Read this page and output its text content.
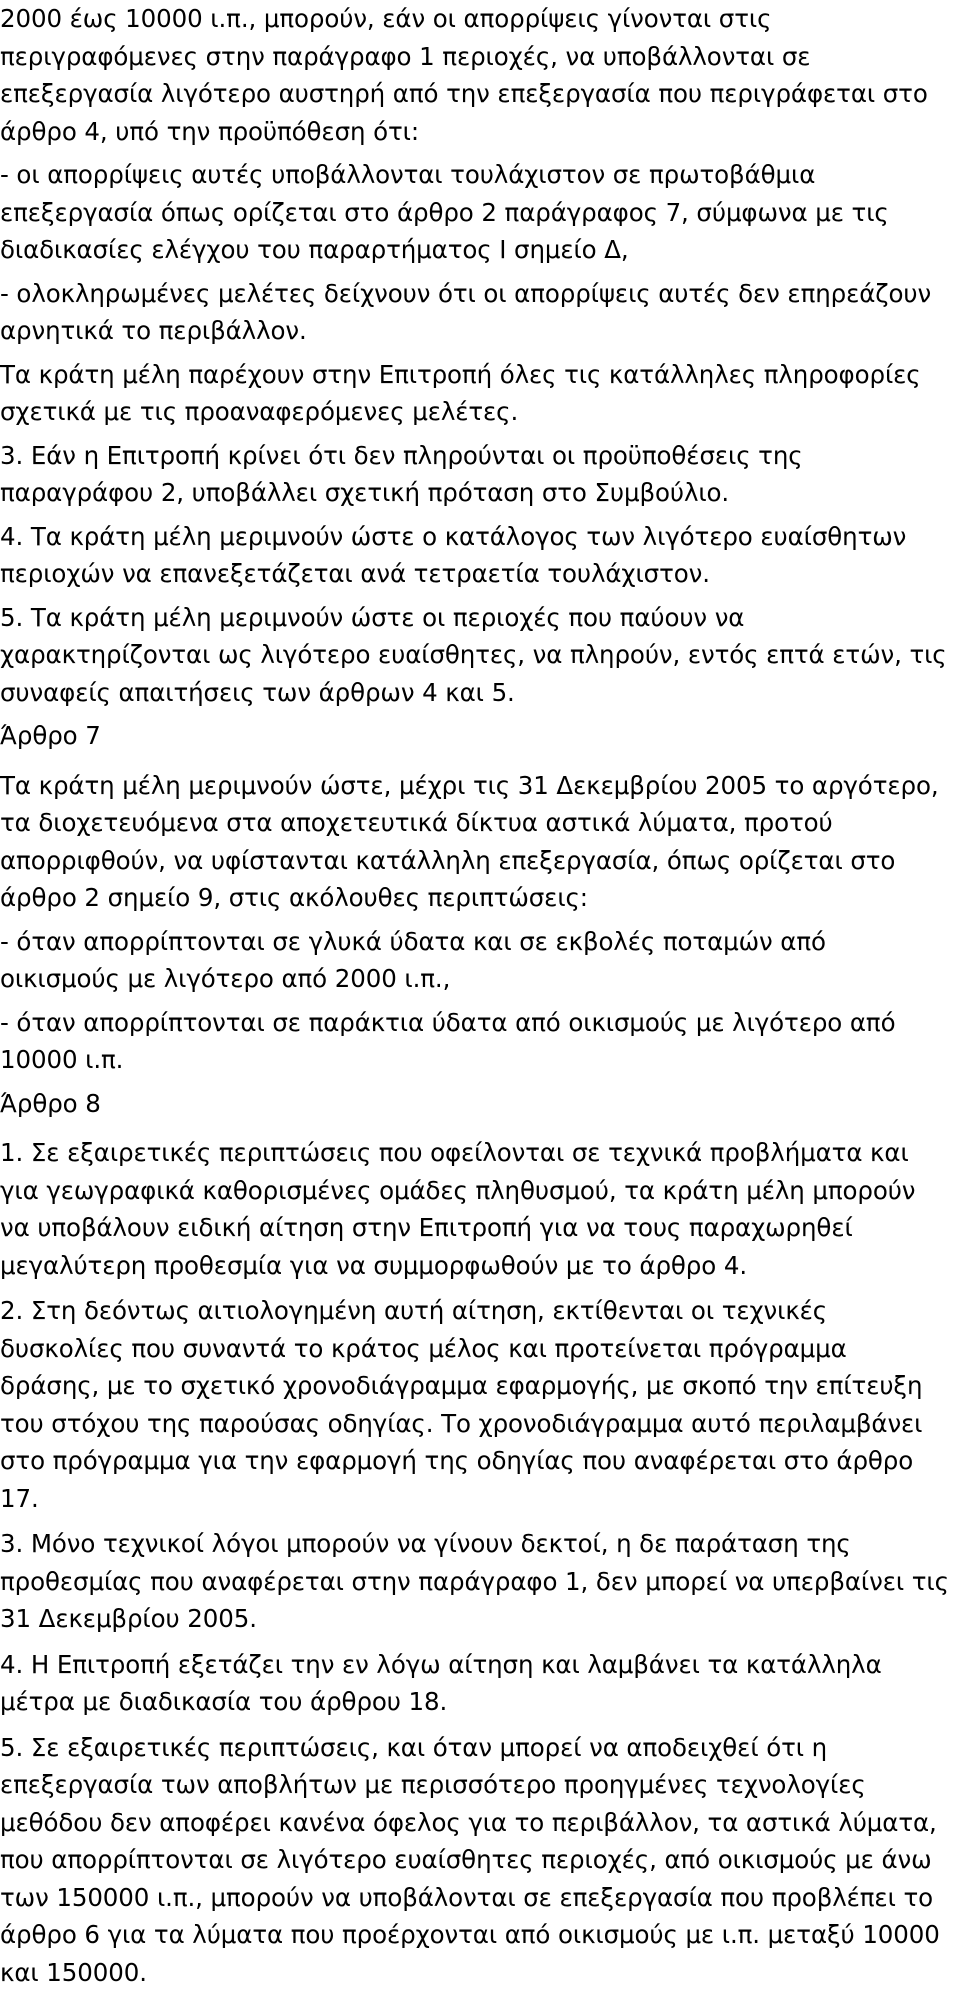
2000 έως 10000 ι.π., μπορούν, εάν οι απορρίψεις γίνονται στις περιγραφόμενες στην παράγραφο 1 περιοχές, να υποβάλλονται σε επεξεργασία λιγότερο αυστηρή από την επεξεργασία που περιγράφεται στο άρθρο 4, υπό την προϋπόθεση ότι:

- οι απορρίψεις αυτές υποβάλλονται τουλάχιστον σε πρωτοβάθμια επεξεργασία όπως ορίζεται στο άρθρο 2 παράγραφος 7, σύμφωνα με τις διαδικασίες ελέγχου του παραρτήματος Ι σημείο Δ,

- ολοκληρωμένες μελέτες δείχνουν ότι οι απορρίψεις αυτές δεν επηρεάζουν αρνητικά το περιβάλλον.

Τα κράτη μέλη παρέχουν στην Επιτροπή όλες τις κατάλληλες πληροφορίες σχετικά με τις προαναφερόμενες μελέτες.

3. Εάν η Επιτροπή κρίνει ότι δεν πληρούνται οι προϋποθέσεις της παραγράφου 2, υποβάλλει σχετική πρόταση στο Συμβούλιο.

4. Τα κράτη μέλη μεριμνούν ώστε ο κατάλογος των λιγότερο ευαίσθητων περιοχών να επανεξετάζεται ανά τετραετία τουλάχιστον.

5. Τα κράτη μέλη μεριμνούν ώστε οι περιοχές που παύουν να χαρακτηρίζονται ως λιγότερο ευαίσθητες, να πληρούν, εντός επτά ετών, τις συναφείς απαιτήσεις των άρθρων 4 και 5.

Άρθρο 7

Τα κράτη μέλη μεριμνούν ώστε, μέχρι τις 31 Δεκεμβρίου 2005 το αργότερο, τα διοχετευόμενα στα αποχετευτικά δίκτυα αστικά λύματα, προτού απορριφθούν, να υφίστανται κατάλληλη επεξεργασία, όπως ορίζεται στο άρθρο 2 σημείο 9, στις ακόλουθες περιπτώσεις:

- όταν απορρίπτονται σε γλυκά ύδατα και σε εκβολές ποταμών από οικισμούς με λιγότερο από 2000 ι.π.,

- όταν απορρίπτονται σε παράκτια ύδατα από οικισμούς με λιγότερο από 10000 ι.π.

Άρθρο 8

1. Σε εξαιρετικές περιπτώσεις που οφείλονται σε τεχνικά προβλήματα και για γεωγραφικά καθορισμένες ομάδες πληθυσμού, τα κράτη μέλη μπορούν να υποβάλουν ειδική αίτηση στην Επιτροπή για να τους παραχωρηθεί μεγαλύτερη προθεσμία για να συμμορφωθούν με το άρθρο 4.

2. Στη δεόντως αιτιολογημένη αυτή αίτηση, εκτίθενται οι τεχνικές δυσκολίες που συναντά το κράτος μέλος και προτείνεται πρόγραμμα δράσης, με το σχετικό χρονοδιάγραμμα εφαρμογής, με σκοπό την επίτευξη του στόχου της παρούσας οδηγίας. Το χρονοδιάγραμμα αυτό περιλαμβάνει στο πρόγραμμα για την εφαρμογή της οδηγίας που αναφέρεται στο άρθρο 17.

3. Μόνο τεχνικοί λόγοι μπορούν να γίνουν δεκτοί, η δε παράταση της προθεσμίας που αναφέρεται στην παράγραφο 1, δεν μπορεί να υπερβαίνει τις 31 Δεκεμβρίου 2005.

4. Η Επιτροπή εξετάζει την εν λόγω αίτηση και λαμβάνει τα κατάλληλα μέτρα με διαδικασία του άρθρου 18.

5. Σε εξαιρετικές περιπτώσεις, και όταν μπορεί να αποδειχθεί ότι η επεξεργασία των αποβλήτων με περισσότερο προηγμένες τεχνολογίες μεθόδου δεν αποφέρει κανένα όφελος για το περιβάλλον, τα αστικά λύματα, που απορρίπτονται σε λιγότερο ευαίσθητες περιοχές, από οικισμούς με άνω των 150000 ι.π., μπορούν να υποβάλονται σε επεξεργασία που προβλέπει το άρθρο 6 για τα λύματα που προέρχονται από οικισμούς με ι.π. μεταξύ 10000 και 150000.
